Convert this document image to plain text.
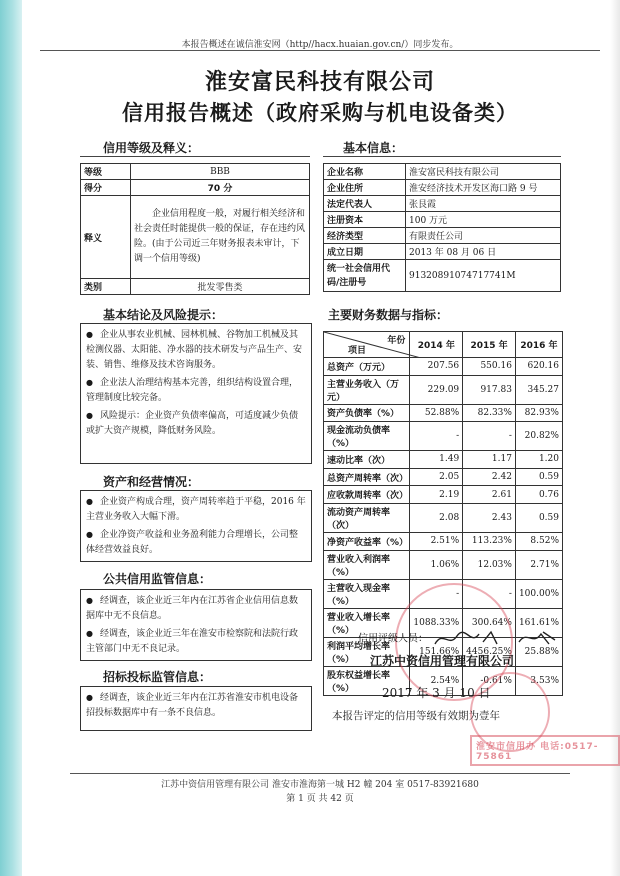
本报告概述在诚信淮安网（http//hacx.huaian.gov.cn/）同步发布。
淮安富民科技有限公司
信用报告概述（政府采购与机电设备类）
信用等级及释义：
等级	BBB
得分	70 分
释义	企业信用程度一般，对履行相关经济和社会责任时能提供一般的保证，存在违约风险。(由于公司近三年财务报表未审计，下调一个信用等级)
类别	批发零售类
基本信息：
企业名称	淮安富民科技有限公司
企业住所	淮安经济技术开发区海口路 9 号
法定代表人	张艮霞
注册资本	100 万元
经济类型	有限责任公司
成立日期	2013 年 08 月 06 日
统一社会信用代码/注册号	91320891074717741M
基本结论及风险提示：

● 企业从事农业机械、园林机械、谷物加工机械及其检测仪器、太阳能、净水器的技术研发与产品生产、安装、销售、维修及技术咨询服务。

● 企业法人治理结构基本完善，组织结构设置合理，管理制度比较完备。

● 风险提示：企业资产负债率偏高，可适度减少负债或扩大资产规模，降低财务风险。

资产和经营情况：

● 企业资产构成合理，资产周转率趋于平稳，2016 年主营业务收入大幅下滑。

● 企业净资产收益和业务盈利能力合理增长，公司整体经营效益良好。

公共信用监管信息：

● 经调查，该企业近三年内在江苏省企业信用信息数据库中无不良信息。

● 经调查，该企业近三年在淮安市检察院和法院行政主管部门中无不良记录。

招标投标监管信息：

● 经调查，该企业近三年内在江苏省淮安市机电设备招投标数据库中有一条不良信息。

主要财务数据与指标：
年份
项目	2014 年	2015 年	2016 年
总资产（万元）	207.56	550.16	620.16
主营业务收入（万元）	229.09	917.83	345.27
资产负债率（%）	52.88%	82.33%	82.93%
现金流动负债率（%）	-	-	20.82%
速动比率（次）	1.49	1.17	1.20
总资产周转率（次）	2.05	2.42	0.59
应收款周转率（次）	2.19	2.61	0.76
流动资产周转率（次）	2.08	2.43	0.59
净资产收益率（%）	2.51%	113.23%	8.52%
营业收入利润率（%）	1.06%	12.03%	2.71%
主营收入现金率（%）	-	-	100.00%
营业收入增长率（%）	1088.33%	300.64%	161.61%
利润平均增长率（%）	151.66%	4456.25%	25.88%
股东权益增长率（%）	2.54%	-0.61%	3.53%
信用评级人员：
江苏中资信用管理有限公司
2017 年 3 月 10 日
本报告评定的信用等级有效期为壹年
淮安市信用办 电话:0517-75861
江苏中资信用管理有限公司 淮安市淮海第一城 H2 幢 204 室 0517-83921680
第 1 页 共 42 页
